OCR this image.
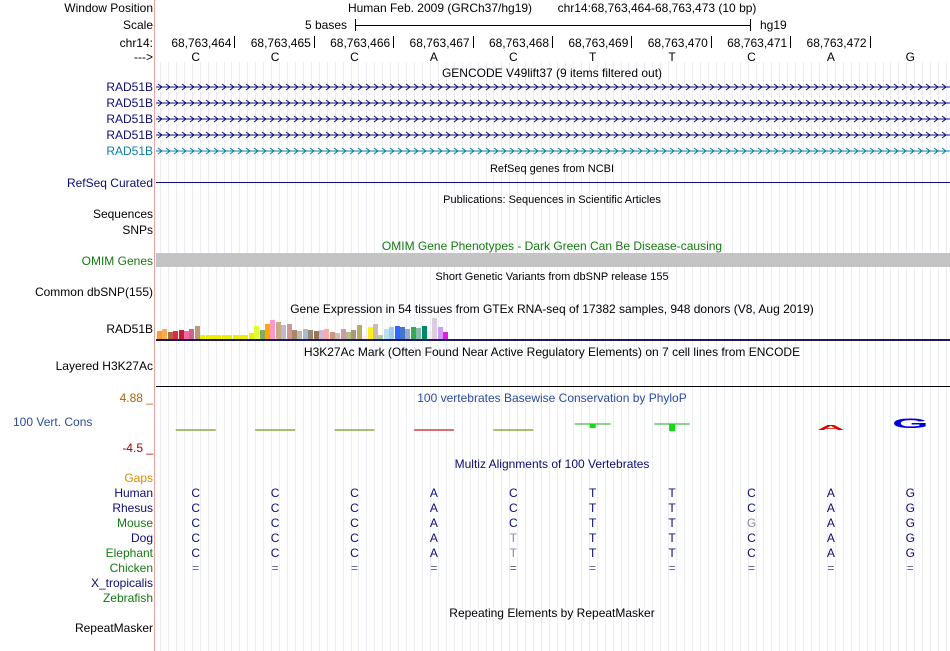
Window Position	Human Feb. 2009 (GRCh37/hg19) chr14:68,763,464-68,763,473 (10 bp)
Scale	5 bases	hg19
chr14:	68,763,464	68,763,465	68,763,466	68,763,467	68,763,468	68,763,469	68,763,470	68,763,471	68,763,472
--->	C	C	C	A	C	T	T	C	A	G
GENCODE V49lift37 (9 items filtered out)
RAD51B
RAD51B
RAD51B
RAD51B
RAD51B
RefSeq genes from NCBI
RefSeq Curated
Publications: Sequences in Scientific Articles
Sequences
SNPs
OMIM Gene Phenotypes - Dark Green Can Be Disease-causing
OMIM Genes
Short Genetic Variants from dbSNP release 155
Common dbSNP(155)
Gene Expression in 54 tissues from GTEx RNA-seq of 17382 samples, 948 donors (V8, Aug 2019)
RAD51B
H3K27Ac Mark (Often Found Near Active Regulatory Elements) on 7 cell lines from ENCODE
Layered H3K27Ac
100 vertebrates Basewise Conservation by PhyloP
4.88 _
100 Vert. Cons
-4.5 _
A	G
Multiz Alignments of 100 Vertebrates
Gaps
Human	C	C	C	A	C	T	T	C	A	G
Rhesus	C	C	C	A	C	T	T	C	A	G
Mouse	C	C	C	A	C	T	T	G	A	G
Dog	C	C	C	A	T	T	T	C	A	G
Elephant	C	C	C	A	T	T	T	C	A	G
Chicken	=	=	=	=	=	=	=	=	=	=
X_tropicalis
Zebrafish
Repeating Elements by RepeatMasker
RepeatMasker
